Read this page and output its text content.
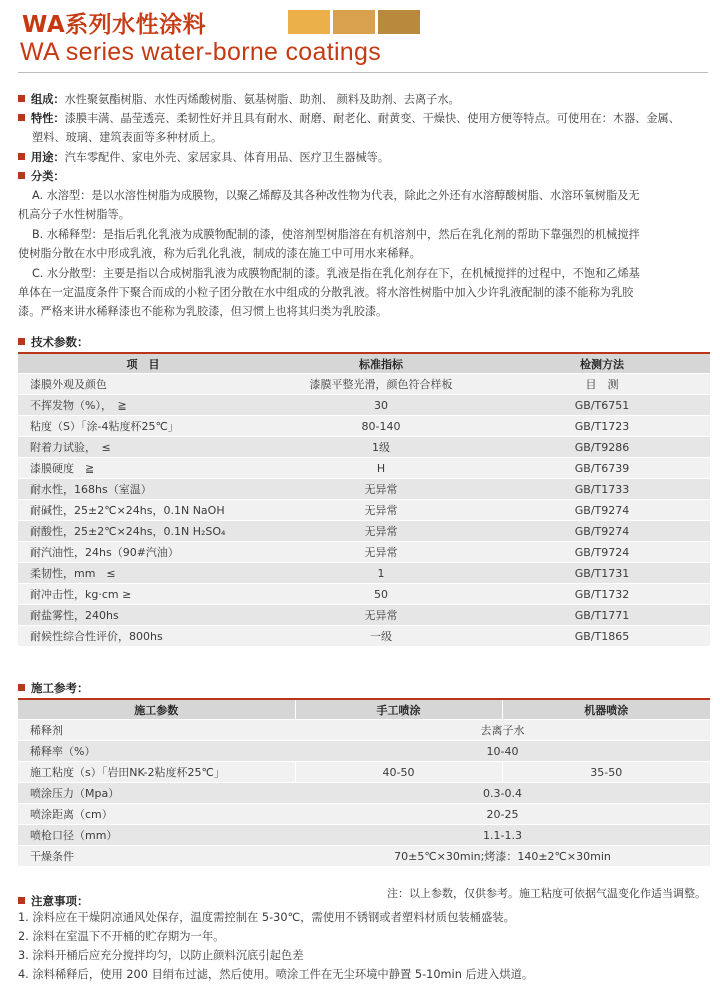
WA系列水性涂料
WA series water-borne coatings
组成：水性聚氨酯树脂、水性丙烯酸树脂、氨基树脂、助剂、 颜料及助剂、去离子水。
特性：漆膜丰满、晶莹透亮、柔韧性好并且具有耐水、耐磨、耐老化、耐黄变、干燥快、使用方便等特点。可使用在：木器、金属、
塑料、玻璃、建筑表面等多种材质上。
用途：汽车零配件、家电外壳、家居家具、体育用品、医疗卫生器械等。
分类：
A. 水溶型：是以水溶性树脂为成膜物，以聚乙烯醇及其各种改性物为代表，除此之外还有水溶醇酸树脂、水溶环氧树脂及无
机高分子水性树脂等。
B. 水稀释型：是指后乳化乳液为成膜物配制的漆，使溶剂型树脂溶在有机溶剂中，然后在乳化剂的帮助下靠强烈的机械搅拌
使树脂分散在水中形成乳液，称为后乳化乳液，制成的漆在施工中可用水来稀释。
C. 水分散型：主要是指以合成树脂乳液为成膜物配制的漆。乳液是指在乳化剂存在下，在机械搅拌的过程中，不饱和乙烯基
单体在一定温度条件下聚合而成的小粒子团分散在水中组成的分散乳液。将水溶性树脂中加入少许乳液配制的漆不能称为乳胶
漆。严格来讲水稀释漆也不能称为乳胶漆，但习惯上也将其归类为乳胶漆。
技术参数：
项　目	标准指标	检测方法
漆膜外观及颜色	漆膜平整光滑，颜色符合样板	目　测
不挥发物（%），　≧	30	GB/T6751
粘度（S）「涂-4粘度杯25℃」	80-140	GB/T1723
附着力试验，　≤	1级	GB/T9286
漆膜硬度　≧	H	GB/T6739
耐水性，168hs（室温）	无异常	GB/T1733
耐碱性，25±2℃×24hs，0.1N NaOH	无异常	GB/T9274
耐酸性，25±2℃×24hs，0.1N H₂SO₄	无异常	GB/T9274
耐汽油性，24hs（90#汽油）	无异常	GB/T9724
柔韧性，mm　≤	1	GB/T1731
耐冲击性，kg·cm ≥	50	GB/T1732
耐盐雾性，240hs	无异常	GB/T1771
耐候性综合性评价，800hs	一级	GB/T1865
施工参考：
施工参数	手工喷涂	机器喷涂
稀释剂	去离子水	
稀释率（%）	10-40	
施工粘度（s）「岩田NK-2粘度杯25℃」	40-50	35-50
喷涂压力（Mpa）	0.3-0.4	
喷涂距离（cm）	20-25	
喷枪口径（mm）	1.1-1.3	
干燥条件	70±5℃×30min;烤漆：140±2℃×30min	
注：以上参数，仅供参考。施工粘度可依据气温变化作适当调整。
注意事项：
1. 涂料应在干燥阴凉通风处保存，温度需控制在 5-30℃，需使用不锈钢或者塑料材质包装桶盛装。
2. 涂料在室温下不开桶的贮存期为一年。
3. 涂料开桶后应充分搅拌均匀，以防止颜料沉底引起色差
4. 涂料稀释后，使用 200 目绢布过滤，然后使用。喷涂工件在无尘环境中静置 5-10min 后进入烘道。
